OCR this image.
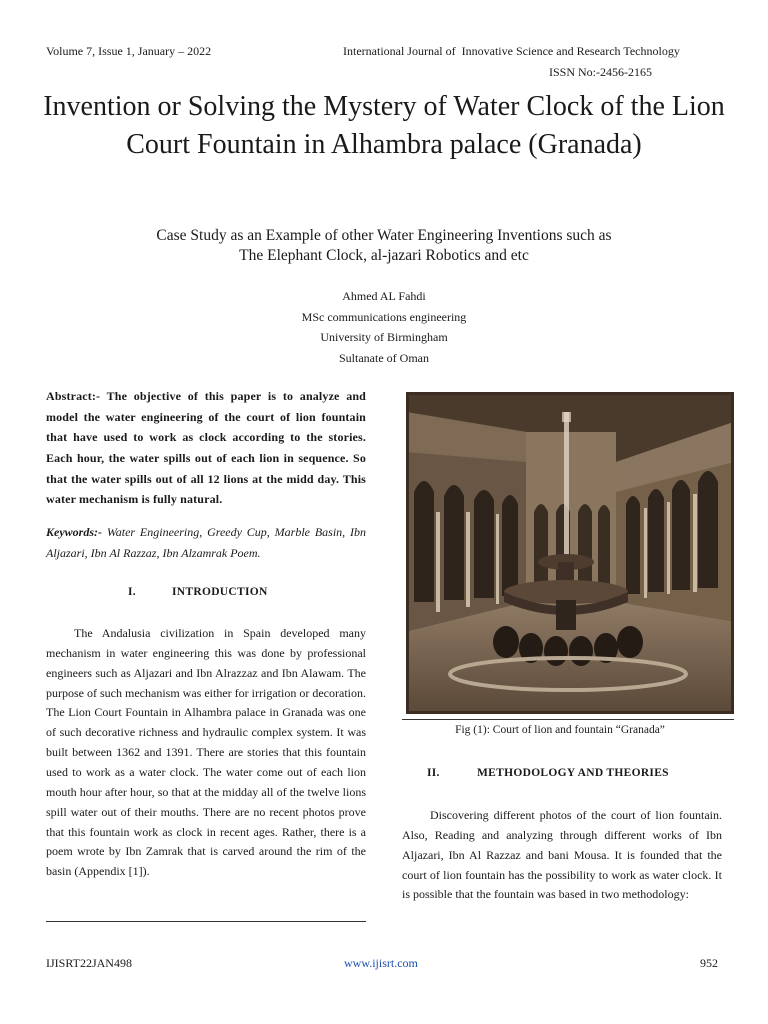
Volume 7, Issue 1, January – 2022	International Journal of  Innovative Science and Research Technology
ISSN No:-2456-2165
Invention or Solving the Mystery of Water Clock of the Lion Court Fountain in Alhambra palace (Granada)
Case Study as an Example of other Water Engineering Inventions such as
The Elephant Clock, al-jazari Robotics and etc
Ahmed AL Fahdi
MSc communications engineering
University of Birmingham
Sultanate of Oman
Abstract:- The objective of this paper is to analyze and model the water engineering of the court of lion fountain that have used to work as clock according to the stories. Each hour, the water spills out of each lion in sequence. So that the water spills out of all 12 lions at the midd day. This water mechanism is fully natural.
Keywords:- Water Engineering, Greedy Cup, Marble Basin, Ibn Aljazari, Ibn Al Razzaz, Ibn Alzamrak Poem.
I.	INTRODUCTION

The Andalusia civilization in Spain developed many mechanism in water engineering this was done by professional engineers such as Aljazari and Ibn Alrazzaz and Ibn Alawam. The purpose of such mechanism was either for irrigation or decoration. The Lion Court Fountain in Alhambra palace in Granada was one of such decorative richness and hydraulic complex system. It was built between 1362 and 1391. There are stories that this fountain used to work as a water clock. The water come out of each lion mouth hour after hour, so that at the midday all of the twelve lions spill water out of their mouths. There are no recent photos prove that this fountain work as clock in recent ages. Rather, there is a poem wrote by Ibn Zamrak that is carved around the rim of the basin (Appendix [1]).

Fig (1): Court of lion and fountain “Granada”
II.	METHODOLOGY AND THEORIES

Discovering different photos of the court of lion fountain. Also, Reading and analyzing through different works of Ibn Aljazari, Ibn Al Razzaz and bani Mousa. It is founded that the court of lion fountain has the possibility to work as water clock. It is possible that the fountain was based in two methodology:

IJISRT22JAN498	www.ijisrt.com	952
